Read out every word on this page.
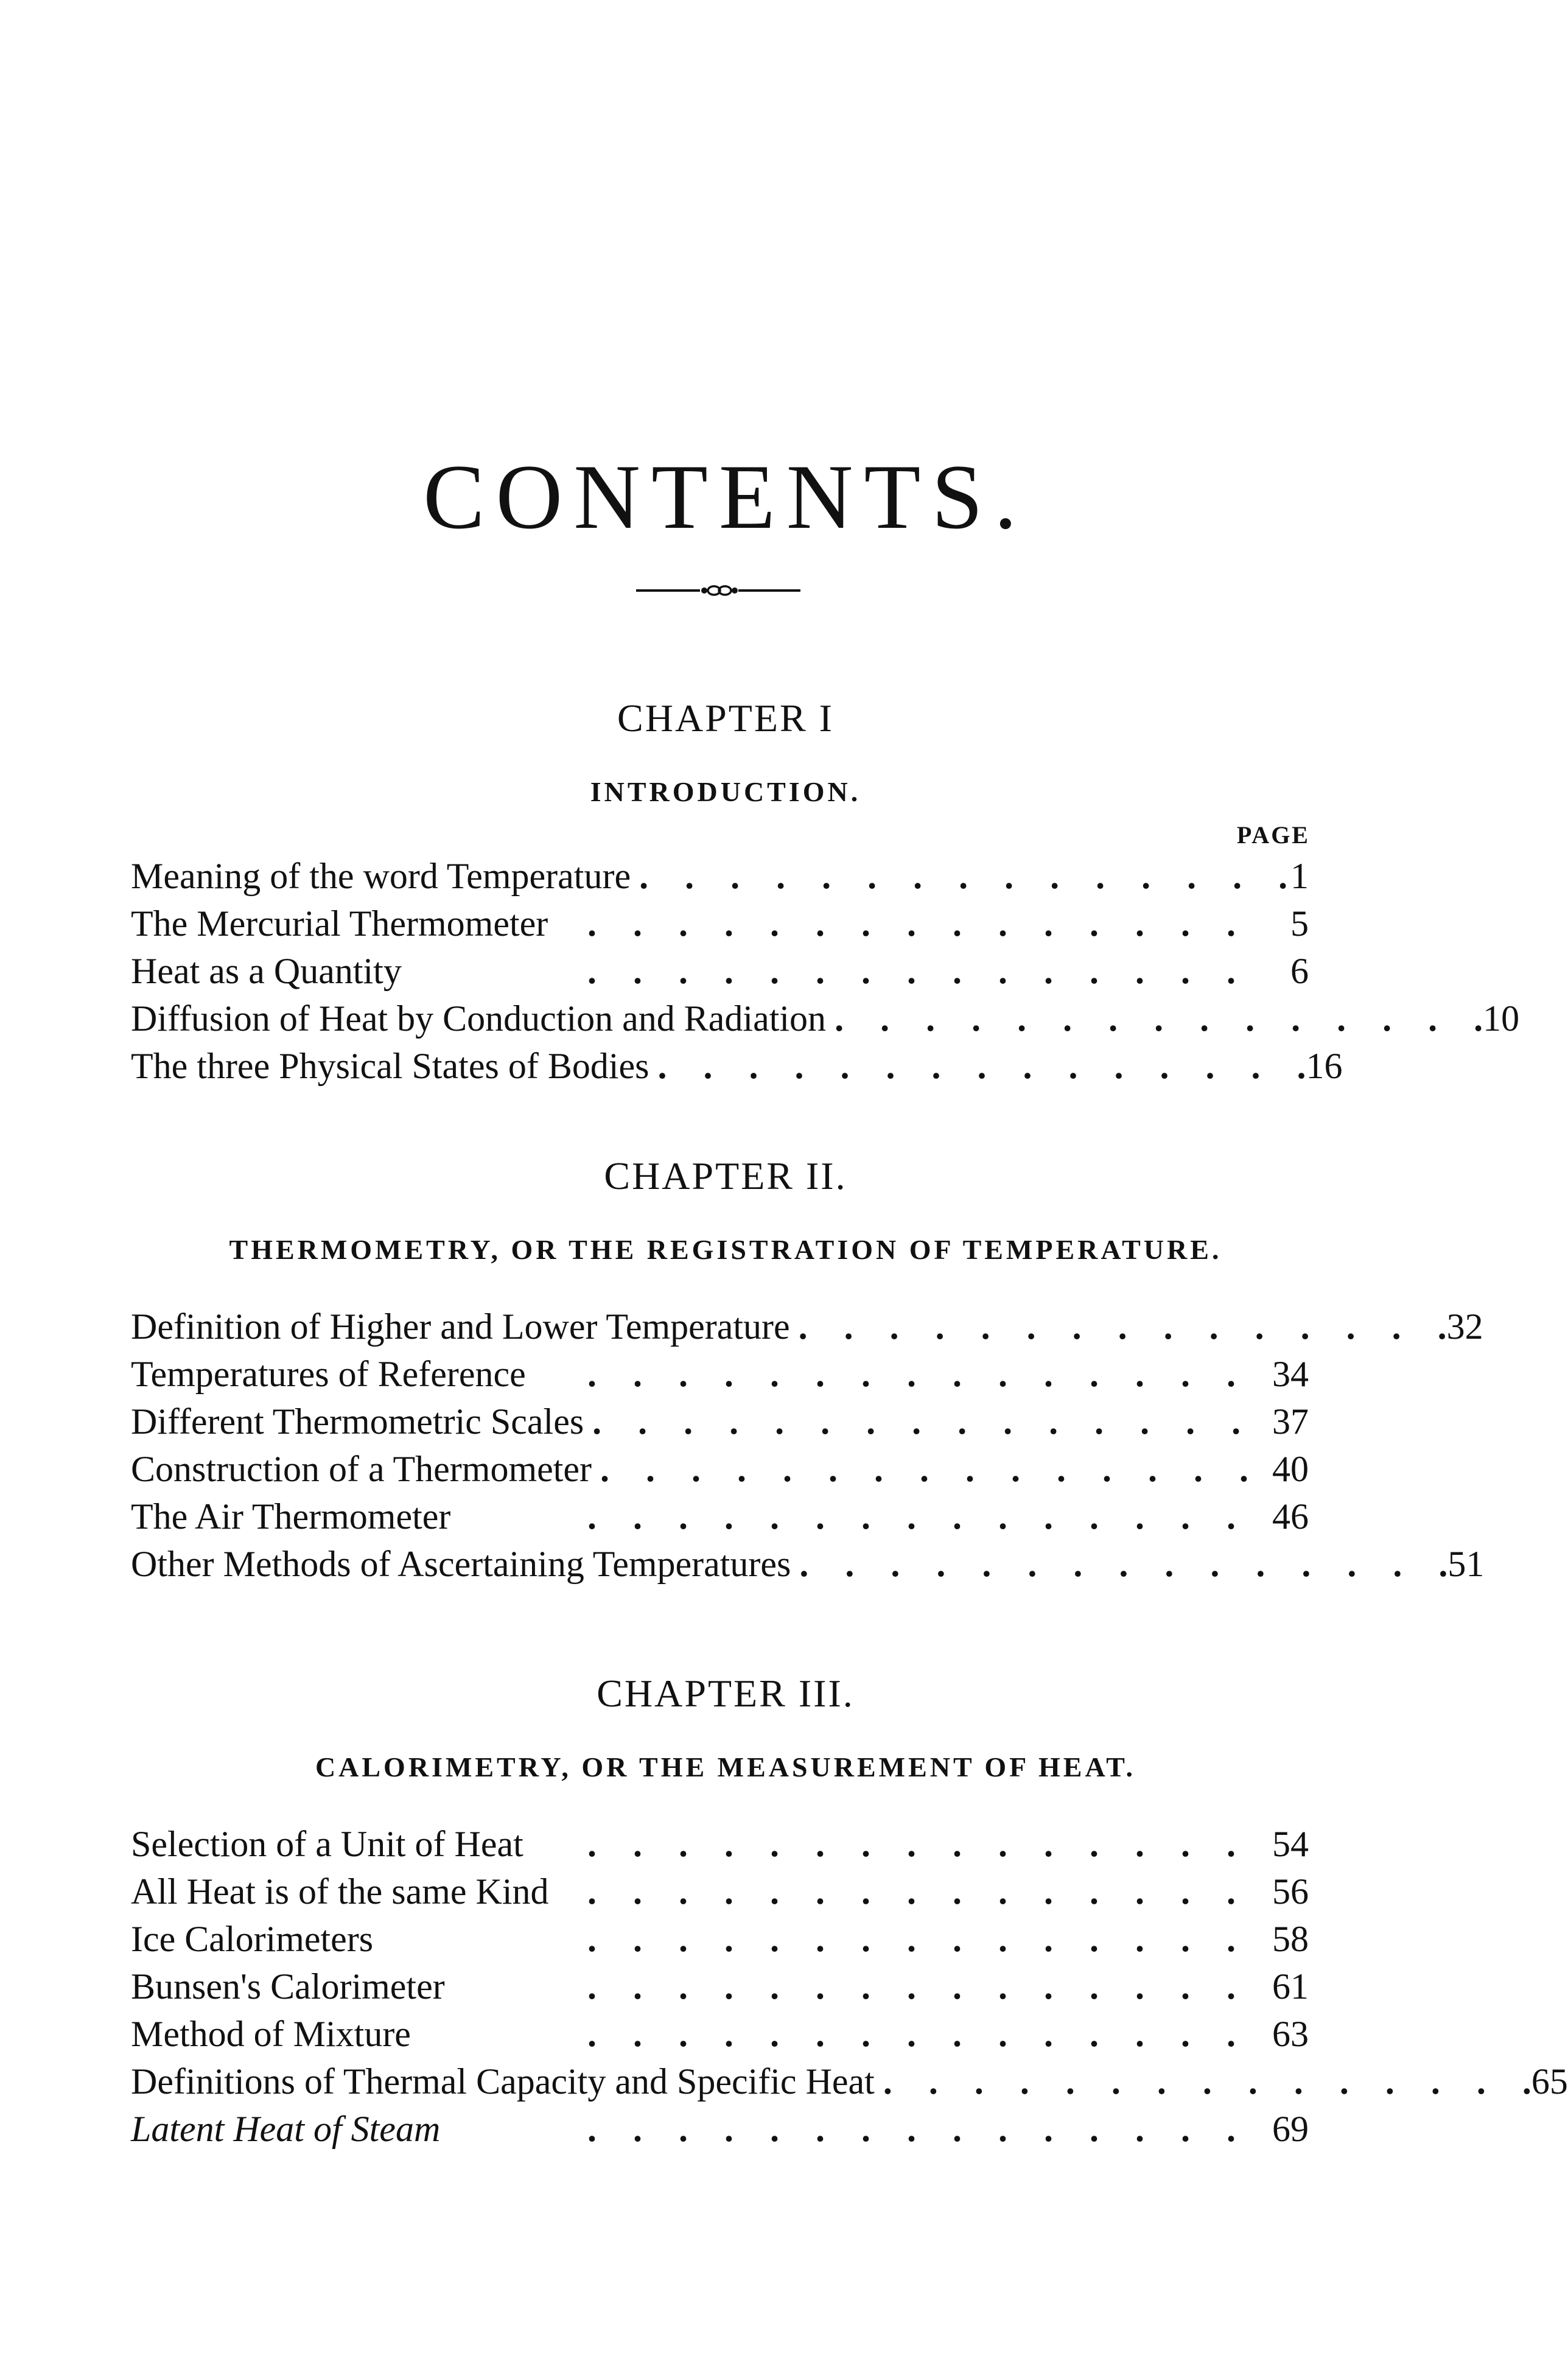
CONTENTS.
CHAPTER I
INTRODUCTION.
PAGE
Meaning of the word Temperature .    .    .    .    .    .    .    .    .    .    .    .    .    .    . 1
The Mercurial Thermometer	.    .    .    .    .    .    .    .    .    .    .    .    .    .    .	5
Heat as a Quantity	.    .    .    .    .    .    .    .    .    .    .    .    .    .    .	6
Diffusion of Heat by Conduction and Radiation .    .    .    .    .    .    .    .    .    .    .    .    .    .    . 10
The three Physical States of Bodies .    .    .    .    .    .    .    .    .    .    .    .    .    .    . 16
CHAPTER II.
THERMOMETRY, OR THE REGISTRATION OF TEMPERATURE.
Definition of Higher and Lower Temperature .    .    .    .    .    .    .    .    .    .    .    .    .    .    . 32
Temperatures of Reference	.    .    .    .    .    .    .    .    .    .    .    .    .    .    .	34
Different Thermometric Scales .    .    .    .    .    .    .    .    .    .    .    .    .    .    . 37
Construction of a Thermometer .    .    .    .    .    .    .    .    .    .    .    .    .    .    . 40
The Air Thermometer	.    .    .    .    .    .    .    .    .    .    .    .    .    .    .	46
Other Methods of Ascertaining Temperatures .    .    .    .    .    .    .    .    .    .    .    .    .    .    . 51
CHAPTER III.
CALORIMETRY, OR THE MEASUREMENT OF HEAT.
Selection of a Unit of Heat	.    .    .    .    .    .    .    .    .    .    .    .    .    .    .	54
All Heat is of the same Kind	.    .    .    .    .    .    .    .    .    .    .    .    .    .    .	56
Ice Calorimeters	.    .    .    .    .    .    .    .    .    .    .    .    .    .    .	58
Bunsen's Calorimeter	.    .    .    .    .    .    .    .    .    .    .    .    .    .    .	61
Method of Mixture	.    .    .    .    .    .    .    .    .    .    .    .    .    .    .	63
Definitions of Thermal Capacity and Specific Heat .    .    .    .    .    .    .    .    .    .    .    .    .    .    . 65
Latent Heat of Steam	.    .    .    .    .    .    .    .    .    .    .    .    .    .    .	69
